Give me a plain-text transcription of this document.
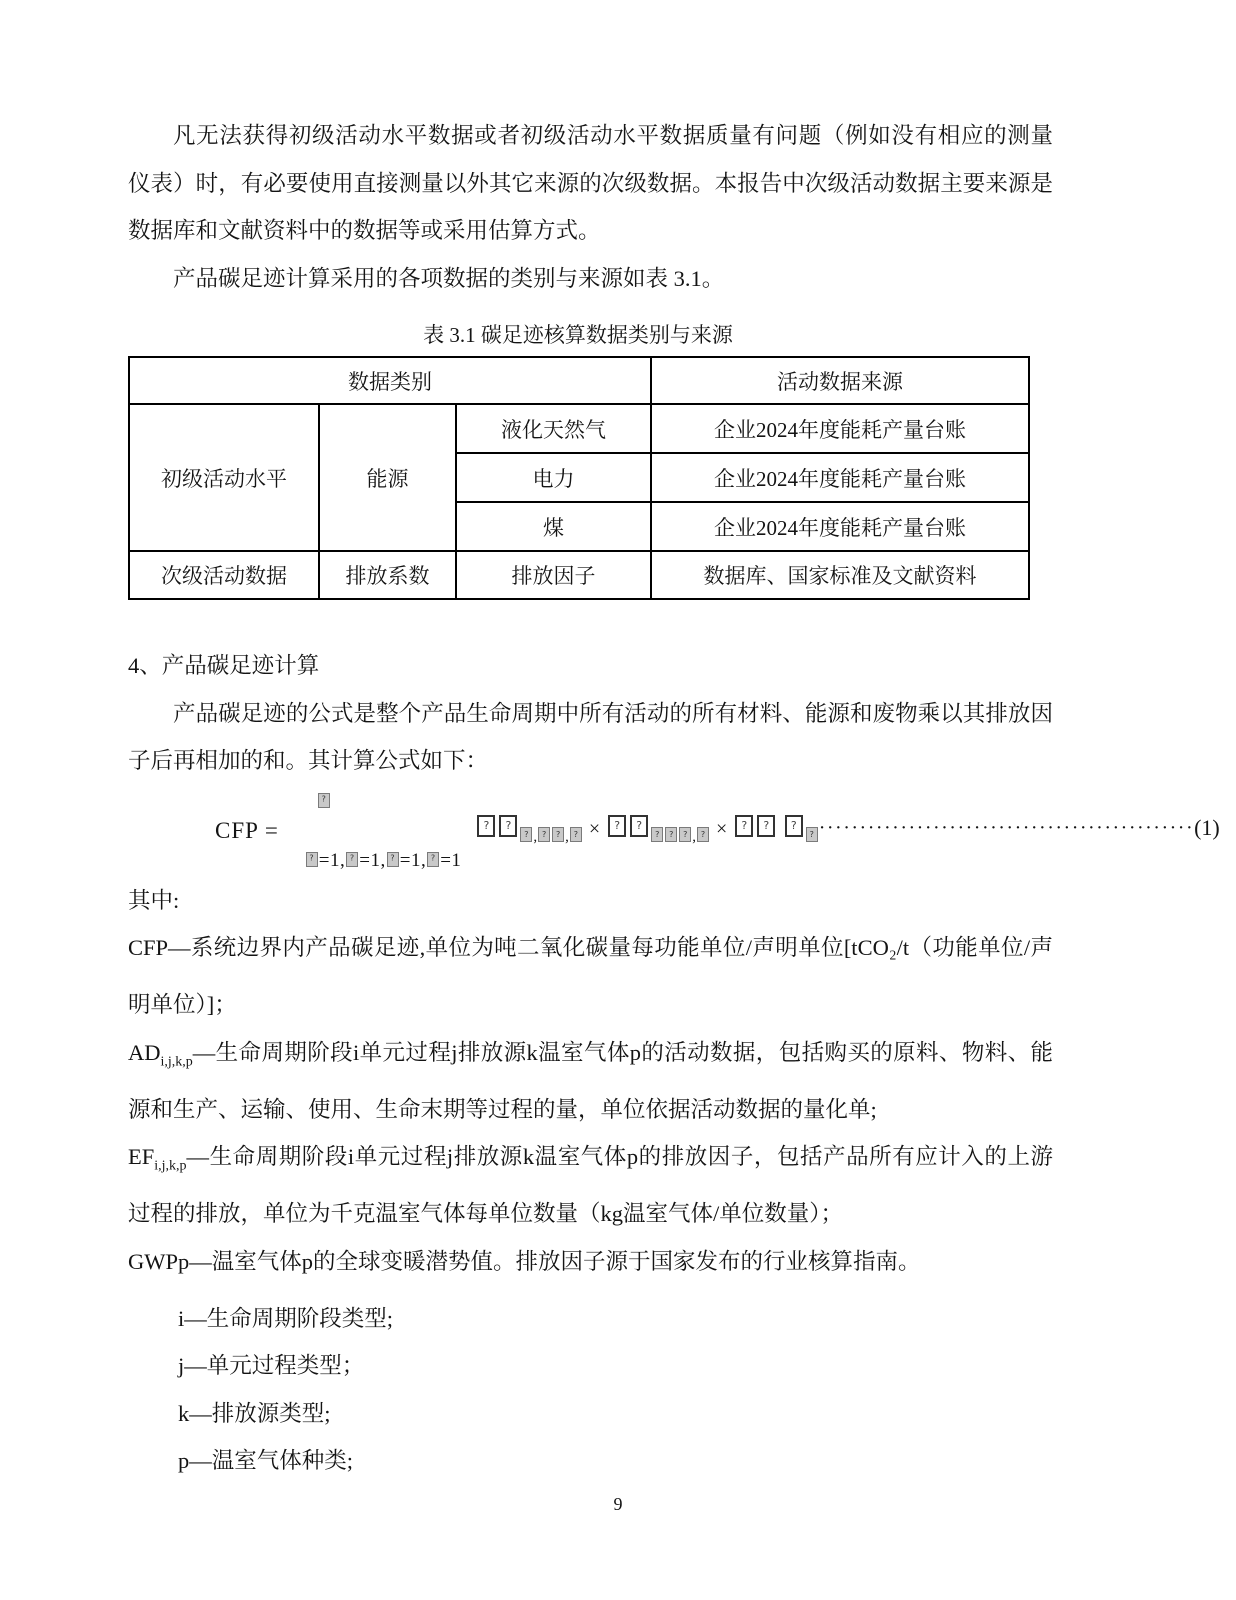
凡无法获得初级活动水平数据或者初级活动水平数据质量有问题（例如没有相应的测量 仪表）时，有必要使用直接测量以外其它来源的次级数据。本报告中次级活动数据主要来源是数据库和文献资料中的数据等或采用估算方式。

产品碳足迹计算采用的各项数据的类别与来源如表 3.1。

表 3.1 碳足迹核算数据类别与来源
数据类别			活动数据来源
初级活动水平	能源	液化天然气	企业2024年度能耗产量台账
		电力	企业2024年度能耗产量台账
		煤	企业2024年度能耗产量台账
次级活动数据	排放系数	排放因子	数据库、国家标准及文献资料
4、产品碳足迹计算

产品碳足迹的公式是整个产品生命周期中所有活动的所有材料、能源和废物乘以其排放因子后再相加的和。其计算公式如下：

CFP =
?
?=1, ? =1, ? =1, ? =1
$???_{, ? ? ,}$ ? × ? ? ? ? ?	$_,$ ? × ? ? ? ?	··············································(1)

其中:

CFP—系统边界内产品碳足迹,单位为吨二氧化碳量每功能单位/声明单位[tCO₂/t（功能单位/声明单位）]；

$AD_{i,j,k,p}—$生命周期阶段i单元过程j排放源k温室气体p的活动数据，包括购买的原料、物料、能源和生产、运输、使用、生命末期等过程的量，单位依据活动数据的量化单;

$EF_{i,j,k,p}—$生命周期阶段i单元过程j排放源k温室气体p的排放因子，包括产品所有应计入的上游过程的排放，单位为千克温室气体每单位数量（kg温室气体/单位数量）；

GWPp—温室气体p的全球变暖潜势值。排放因子源于国家发布的行业核算指南。

i—生命周期阶段类型;

j—单元过程类型；

k—排放源类型;

p—温室气体种类;

9
